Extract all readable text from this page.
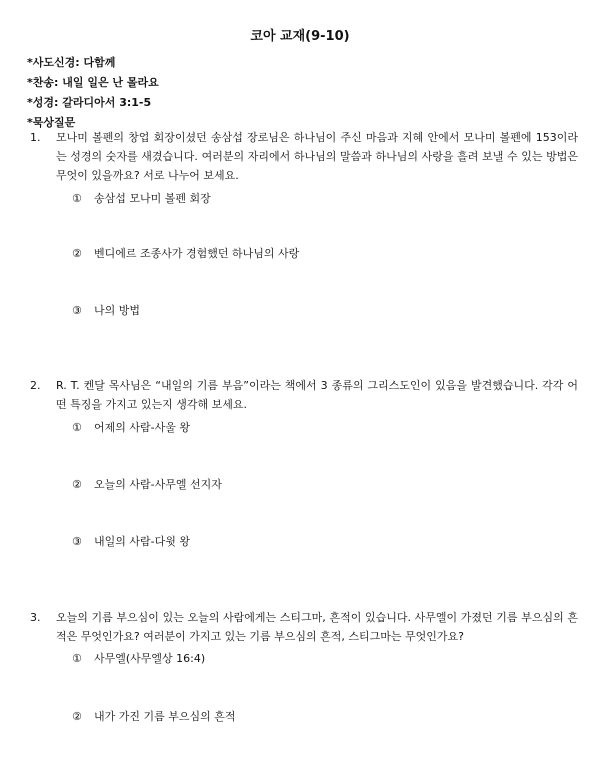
코아 교재(9-10)
*사도신경: 다함께
*찬송: 내일 일은 난 몰라요
*성경: 갈라디아서 3:1-5
*묵상질문
1. 모나미 볼펜의 창업 회장이셨던 송삼섭 장로님은 하나님이 주신 마음과 지혜 안에서 모나미 볼펜에 153이라는 성경의 숫자를 새겼습니다. 여러분의 자리에서 하나님의 말씀과 하나님의 사랑을 흘려 보낼 수 있는 방법은 무엇이 있을까요? 서로 나누어 보세요.
① 송삼섭 모나미 볼펜 회장
② 벤디에르 조종사가 경험했던 하나님의 사랑
③ 나의 방법
2. R. T. 켄달 목사님은 “내일의 기름 부음”이라는 책에서 3 종류의 그리스도인이 있음을 발견했습니다. 각각 어떤 특징을 가지고 있는지 생각해 보세요.
① 어제의 사람-사울 왕
② 오늘의 사람-사무엘 선지자
③ 내일의 사람-다윗 왕
3. 오늘의 기름 부으심이 있는 오늘의 사람에게는 스티그마, 흔적이 있습니다. 사무엘이 가졌던 기름 부으심의 흔적은 무엇인가요? 여러분이 가지고 있는 기름 부으심의 흔적, 스티그마는 무엇인가요?
① 사무엘(사무엘상 16:4)
② 내가 가진 기름 부으심의 흔적
